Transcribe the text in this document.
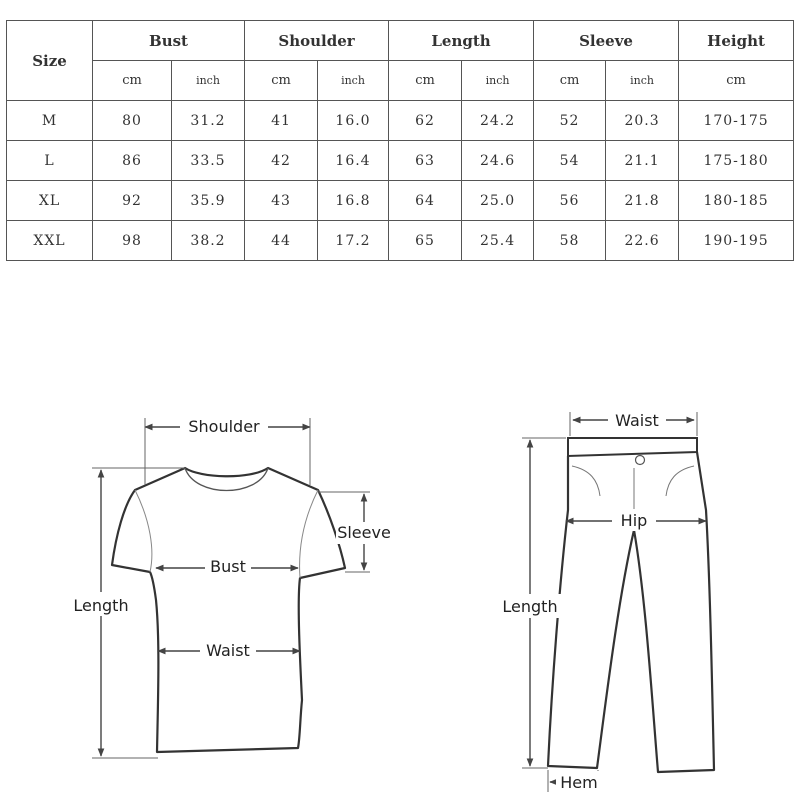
Size	Bust		Shoulder		Length		Sleeve		Height
	cm	inch	cm	inch	cm	inch	cm	inch	cm
M	80	31.2	41	16.0	62	24.2	52	20.3	170-175
L	86	33.5	42	16.4	63	24.6	54	21.1	175-180
XL	92	35.9	43	16.8	64	25.0	56	21.8	180-185
XXL	98	38.2	44	17.2	65	25.4	58	22.6	190-195
Shoulder
Sleeve
Bust
Waist
Length
Waist
Hip
Length
Hem
